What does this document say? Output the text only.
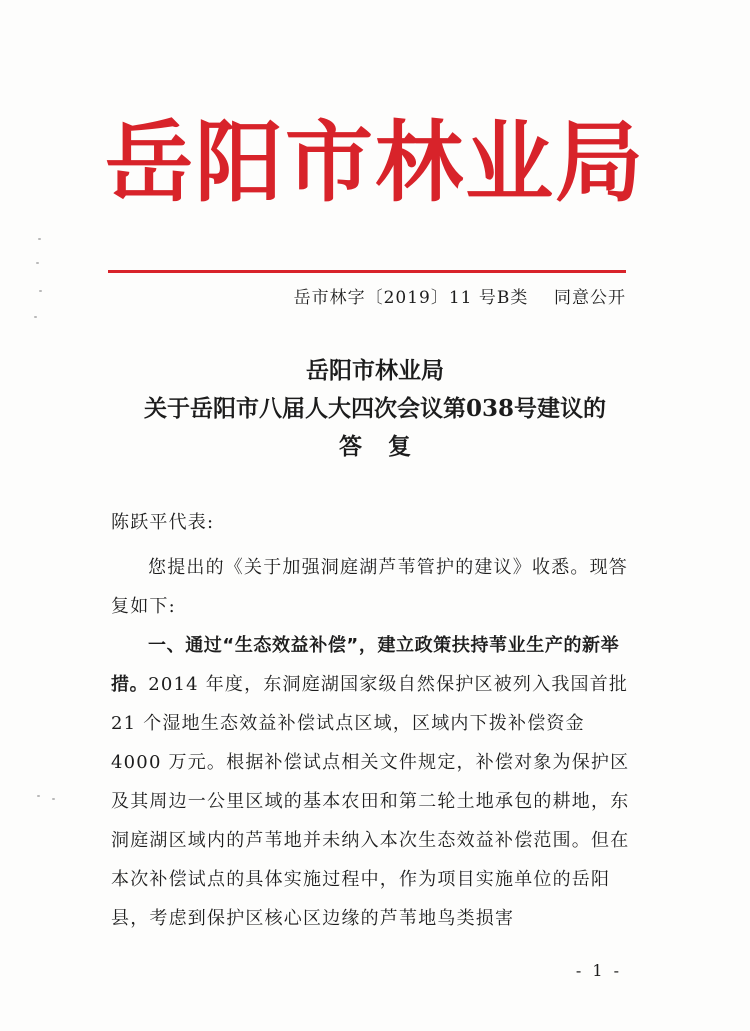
岳阳市林业局
岳市林字〔2019〕11 号B类    同意公开
岳阳市林业局
关于岳阳市八届人大四次会议第038号建议的
答复

陈跃平代表:

您提出的《关于加强洞庭湖芦苇管护的建议》收悉。现答复如下:

一、通过“生态效益补偿”，建立政策扶持苇业生产的新举措。2014 年度，东洞庭湖国家级自然保护区被列入我国首批 21 个湿地生态效益补偿试点区域，区域内下拨补偿资金 4000 万元。根据补偿试点相关文件规定，补偿对象为保护区及其周边一公里区域的基本农田和第二轮土地承包的耕地，东洞庭湖区域内的芦苇地并未纳入本次生态效益补偿范围。但在本次补偿试点的具体实施过程中，作为项目实施单位的岳阳县，考虑到保护区核心区边缘的芦苇地鸟类损害

- 1 -
